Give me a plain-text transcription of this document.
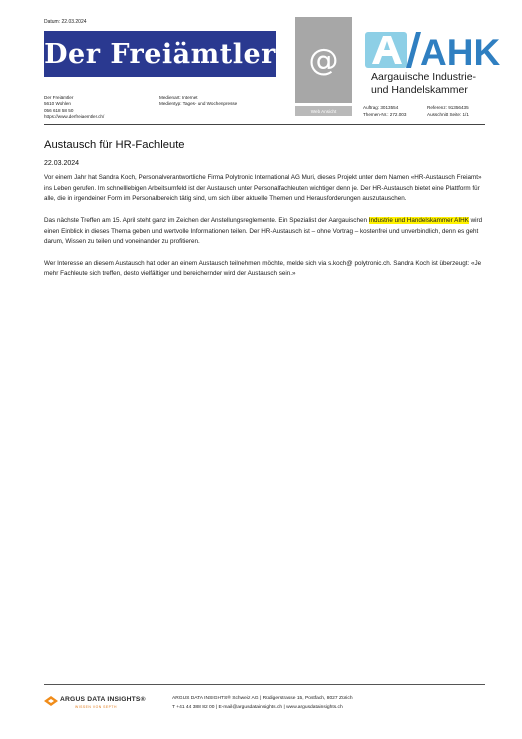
Datum: 22.03.2024
Der Freiämtler
Der Freiämtler
5610 Wohlen
056 618 58 50
https://www.derfreiaemtler.ch/
Medienart: Internet
Medientyp: Tages- und Wochenpresse
@
Web Ansicht
AHK
Aargauische Industrie-
und Handelskammer
Auftrag: 3013554
Themen-Nr.: 272.003
Referenz: 91356435
Ausschnitt Seite: 1/1
Austausch für HR-Fachleute
22.03.2024

Vor einem Jahr hat Sandra Koch, Personalverantwortliche Firma Polytronic International AG Muri, dieses Projekt unter dem Namen «HR-Austausch Freiamt» ins Leben gerufen. Im schnelllebigen Arbeitsumfeld ist der Austausch unter Personalfachleuten wichtiger denn je. Der HR-Austausch bietet eine Plattform für alle, die in irgendeiner Form im Personalbereich tätig sind, um sich über aktuelle Themen und Herausforderungen auszutauschen.

Das nächste Treffen am 15. April steht ganz im Zeichen der Anstellungsreglemente. Ein Spezialist der Aargauischen Industrie und Handelskammer AIHK wird einen Einblick in dieses Thema geben und wertvolle Informationen teilen. Der HR-Austausch ist – ohne Vortrag – kostenfrei und unverbindlich, denn es geht darum, Wissen zu teilen und voneinander zu profitieren.

Wer Interesse an diesem Austausch hat oder an einem Austausch teilnehmen möchte, melde sich via s.koch@ polytronic.ch. Sandra Koch ist überzeugt: «Je mehr Fachleute sich treffen, desto vielfältiger und bereichernder wird der Austausch sein.»

ARGUS DATA INSIGHTS®
WISSEN VON SEPTH
ARGUS DATA INSIGHTS® Schweiz AG | Rüdigerstrasse 15, Postfach, 8027 Zürich
T +41 44 388 82 00 | E-mail@argusdatainsights.ch | www.argusdatainsights.ch
